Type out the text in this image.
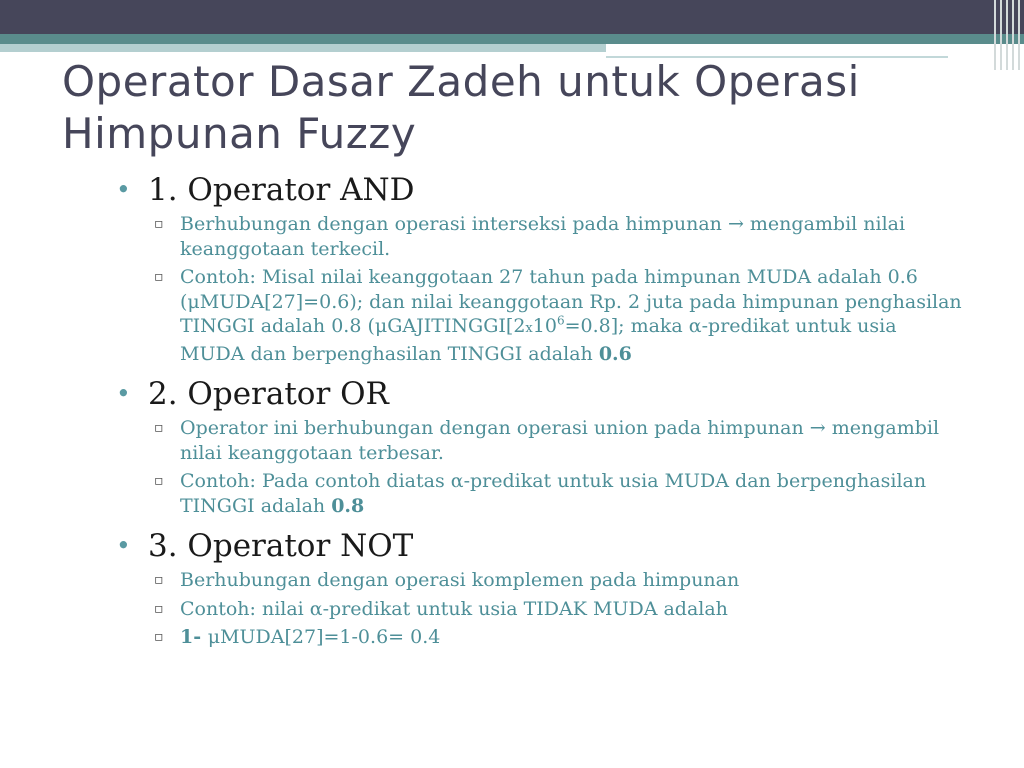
Operator Dasar Zadeh untuk Operasi
Himpunan Fuzzy
• 1. Operator AND
▫ Berhubungan dengan operasi interseksi pada himpunan → mengambil nilai
keanggotaan terkecil.
▫ Contoh: Misal nilai keanggotaan 27 tahun pada himpunan MUDA adalah 0.6
(μMUDA[27]=0.6); dan nilai keanggotaan Rp. 2 juta pada himpunan penghasilan
TINGGI adalah 0.8 ($\mu GAJITINGGI[2x10^6=0.8]$; maka α-predikat untuk usia
MUDA dan berpenghasilan TINGGI adalah 0.6
• 2. Operator OR
▫ Operator ini berhubungan dengan operasi union pada himpunan → mengambil
nilai keanggotaan terbesar.
▫ Contoh: Pada contoh diatas α-predikat untuk usia MUDA dan berpenghasilan
TINGGI adalah 0.8
• 3. Operator NOT
▫ Berhubungan dengan operasi komplemen pada himpunan
▫ Contoh: nilai α-predikat untuk usia TIDAK MUDA adalah
▫ 1- μMUDA[27]=1-0.6= 0.4
